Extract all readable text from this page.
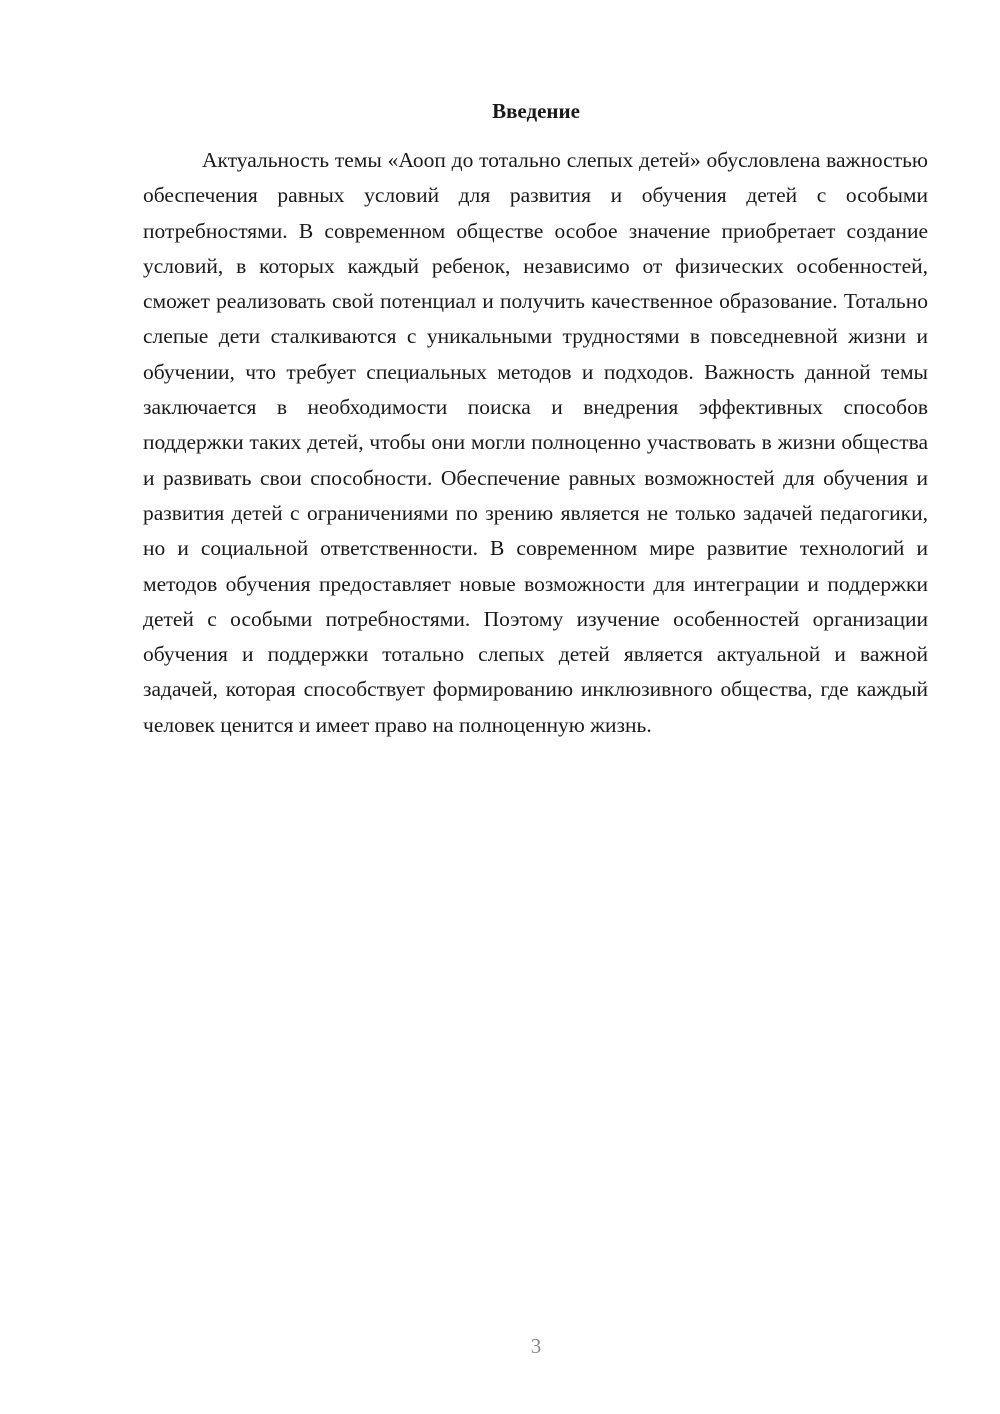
Введение

Актуальность темы «Аооп до тотально слепых детей» обусловлена важностью обеспечения равных условий для развития и обучения детей с особыми потребностями. В современном обществе особое значение приобретает создание условий, в которых каждый ребенок, независимо от физических особенностей, сможет реализовать свой потенциал и получить качественное образование. Тотально слепые дети сталкиваются с уникальными трудностями в повседневной жизни и обучении, что требует специальных методов и подходов. Важность данной темы заключается в необходимости поиска и внедрения эффективных способов поддержки таких детей, чтобы они могли полноценно участвовать в жизни общества и развивать свои способности. Обеспечение равных возможностей для обучения и развития детей с ограничениями по зрению является не только задачей педагогики, но и социальной ответственности. В современном мире развитие технологий и методов обучения предоставляет новые возможности для интеграции и поддержки детей с особыми потребностями. Поэтому изучение особенностей организации обучения и поддержки тотально слепых детей является актуальной и важной задачей, которая способствует формированию инклюзивного общества, где каждый человек ценится и имеет право на полноценную жизнь.

3
